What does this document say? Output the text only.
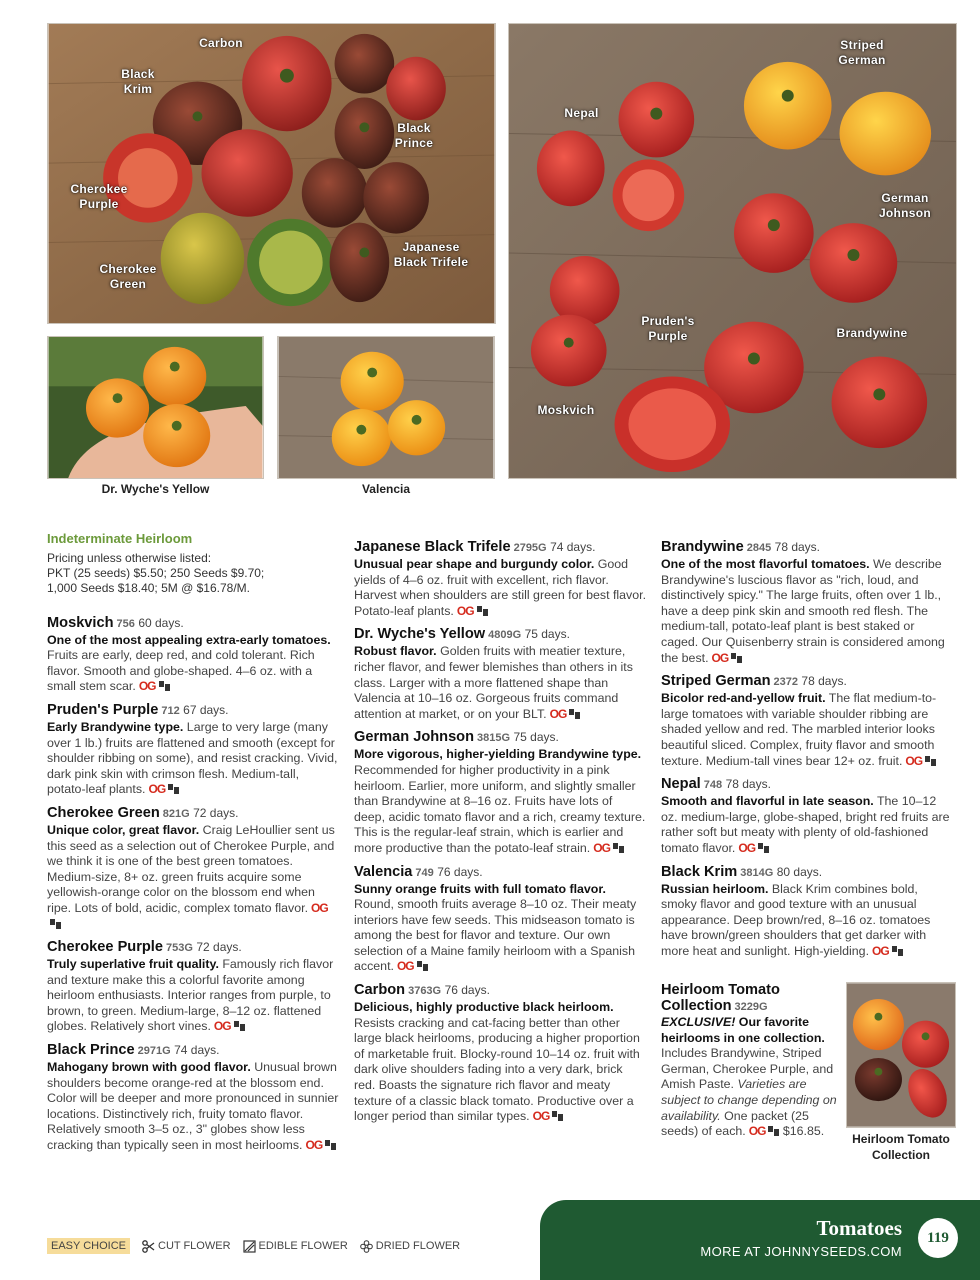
Carbon
Black
Krim
Black
Prince
Cherokee
Purple
Japanese
Black Trifele
Cherokee
Green
Striped
German
Nepal
German
Johnson
Pruden's
Purple	Brandywine
Moskvich
Dr. Wyche's Yellow	Valencia
Indeterminate Heirloom
Pricing unless otherwise listed:
PKT (25 seeds) $5.50; 250 Seeds $9.70;
1,000 Seeds $18.40; 5M @ $16.78/M.
Moskvich 756 60 days.
One of the most appealing extra-early tomatoes. Fruits are early, deep red, and cold tolerant. Rich flavor. Smooth and globe-shaped. 4–6 oz. with a small stem scar. OG
Pruden's Purple 712 67 days.
Early Brandywine type. Large to very large (many over 1 lb.) fruits are flattened and smooth (except for shoulder ribbing on some), and resist cracking. Vivid, dark pink skin with crimson flesh. Medium-tall, potato-leaf plants. OG
Cherokee Green 821G 72 days.
Unique color, great flavor. Craig LeHoullier sent us this seed as a selection out of Cherokee Purple, and we think it is one of the best green tomatoes. Medium-size, 8+ oz. green fruits acquire some yellowish-orange color on the blossom end when ripe. Lots of bold, acidic, complex tomato flavor. OG
Cherokee Purple 753G 72 days.
Truly superlative fruit quality. Famously rich flavor and texture make this a colorful favorite among heirloom enthusiasts. Interior ranges from purple, to brown, to green. Medium-large, 8–12 oz. flattened globes. Relatively short vines. OG
Black Prince 2971G 74 days.
Mahogany brown with good flavor. Unusual brown shoulders become orange-red at the blossom end. Color will be deeper and more pronounced in sunnier locations. Distinctively rich, fruity tomato flavor. Relatively smooth 3–5 oz., 3" globes show less cracking than typically seen in most heirlooms. OG
Japanese Black Trifele 2795G 74 days.
Unusual pear shape and burgundy color. Good yields of 4–6 oz. fruit with excellent, rich flavor. Harvest when shoulders are still green for best flavor. Potato-leaf plants. OG
Dr. Wyche's Yellow 4809G 75 days.
Robust flavor. Golden fruits with meatier texture, richer flavor, and fewer blemishes than others in its class. Larger with a more flattened shape than Valencia at 10–16 oz. Gorgeous fruits command attention at market, or on your BLT. OG
German Johnson 3815G 75 days.
More vigorous, higher-yielding Brandywine type. Recommended for higher productivity in a pink heirloom. Earlier, more uniform, and slightly smaller than Brandywine at 8–16 oz. Fruits have lots of deep, acidic tomato flavor and a rich, creamy texture. This is the regular-leaf strain, which is earlier and more productive than the potato-leaf strain. OG
Valencia 749 76 days.
Sunny orange fruits with full tomato flavor. Round, smooth fruits average 8–10 oz. Their meaty interiors have few seeds. This midseason tomato is among the best for flavor and texture. Our own selection of a Maine family heirloom with a Spanish accent. OG
Carbon 3763G 76 days.
Delicious, highly productive black heirloom. Resists cracking and cat-facing better than other large black heirlooms, producing a higher proportion of marketable fruit. Blocky-round 10–14 oz. fruit with dark olive shoulders fading into a very dark, brick red. Boasts the signature rich flavor and meaty texture of a classic black tomato. Productive over a longer period than similar types. OG
Brandywine 2845 78 days.
One of the most flavorful tomatoes. We describe Brandywine's luscious flavor as "rich, loud, and distinctively spicy." The large fruits, often over 1 lb., have a deep pink skin and smooth red flesh. The medium-tall, potato-leaf plant is best staked or caged. Our Quisenberry strain is considered among the best. OG
Striped German 2372 78 days.
Bicolor red-and-yellow fruit. The flat medium-to-large tomatoes with variable shoulder ribbing are shaded yellow and red. The marbled interior looks beautiful sliced. Complex, fruity flavor and smooth texture. Medium-tall vines bear 12+ oz. fruit. OG
Nepal 748 78 days.
Smooth and flavorful in late season. The 10–12 oz. medium-large, globe-shaped, bright red fruits are rather soft but meaty with plenty of old-fashioned tomato flavor. OG
Black Krim 3814G 80 days.
Russian heirloom. Black Krim combines bold, smoky flavor and good texture with an unusual appearance. Deep brown/red, 8–16 oz. tomatoes have brown/green shoulders that get darker with more heat and sunlight. High-yielding. OG
Heirloom Tomato
Collection 3229G
EXCLUSIVE! Our favorite heirlooms in one collection. Includes Brandywine, Striped German, Cherokee Purple, and Amish Paste. Varieties are subject to change depending on availability. One packet (25 seeds) of each. OG $16.85.
Heirloom Tomato
Collection
EASY CHOICE	CUT FLOWER	EDIBLE FLOWER	DRIED FLOWER
Tomatoes
MORE AT JOHNNYSEEDS.COM
119
